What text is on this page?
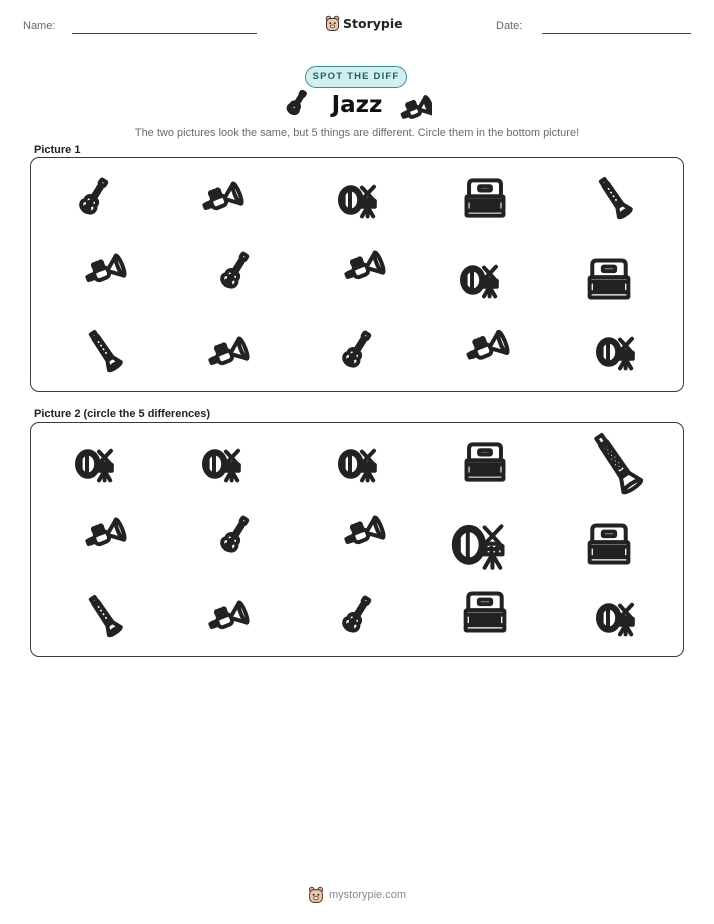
Name:	Storypie	Date:
SPOT THE DIFF
Jazz
The two pictures look the same, but 5 things are different. Circle them in the bottom picture!
Picture 1
Picture 2 (circle the 5 differences)
mystorypie.com
